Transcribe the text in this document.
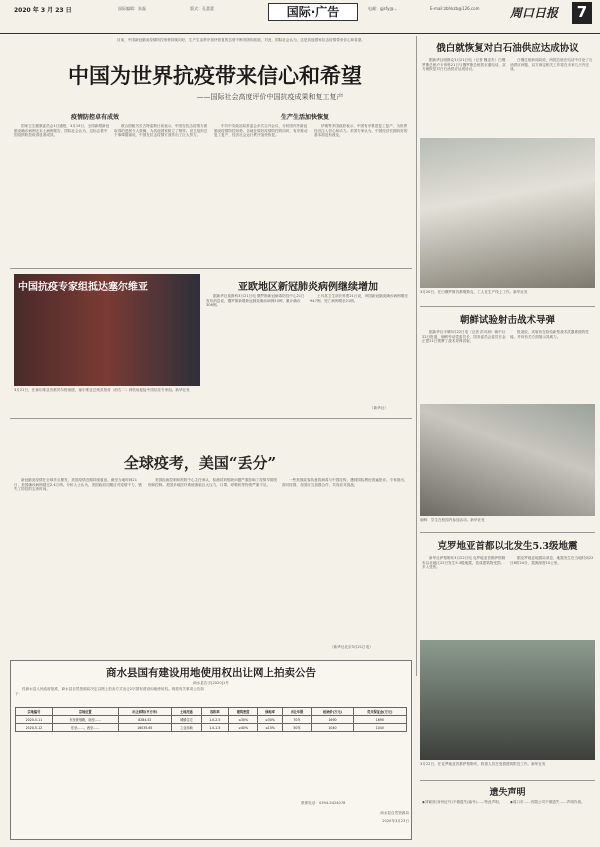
2020 年 3 月 23 日	国际编辑：朱磊	版式：孔蕾蕾	国际·广告	电邮：gjsfy@...	E-mail:zbhkzb@126.com	周口日报	7

目前，中国新冠肺炎疫情防控形势持续向好，生产生活秩序加快恢复的态势不断巩固和拓展，对此，国际社会认为，这是其他国家抗击疫情带来信心和希望。

中国为世界抗疫带来信心和希望
——国际社会高度评价中国抗疫成果和复工复产
疫情防控卓有成效	生产生活加快恢复

国家卫生健康委员会1日通报，3月19日，全国新增新冠肺炎确诊病例无本土病例报告，国际社会认为，这标志着中国疫情防控取得显著成效。

联合国秘书长古特雷斯日前表示，中国在抗击疫情方面取得的进展令人鼓舞，为其他国家树立了榜样。世卫组织总干事谭德塞说，中国在抗击疫情方面作出了巨大努力。

中共中央政治局常委会多次召开会议，分析国内外新冠肺炎疫情防控形势。各地在做好疫情防控的同时，有序推动复工复产，经济社会运行秩序加快恢复。

伊朗等多国政府表示，中国有序推进复工复产，为世界经济注入信心和动力。多国专家认为，中国经济长期向好的基本面没有改变。

俄白就恢复对白石油供应达成协议

据新华社明斯克3月21日电（记者 魏忠杰）白俄罗斯总统卢卡申科21日与俄罗斯总统普京通电话，双方就恢复对白石油供应达成协议。

白俄总统新闻局说，两国总统在电话中讨论了石油供应问题，双方商定相关工作将在未来几天内完成。

3月20日，在白俄罗斯首都明斯克，工人在生产线上工作。新华社发
中国抗疫专家组抵达塞尔维亚
3月21日，在塞尔维亚首都贝尔格莱德，塞尔维亚总统武契奇（前右二）到机场迎接中国抗疫专家组。新华社发
亚欧地区新冠肺炎病例继续增加

据新华社莫斯科3月21日电 俄罗斯新冠病毒防控中心21日发布消息说，俄罗斯新增新冠肺炎确诊病例53例，累计确诊306例。

土耳其卫生部长科贾21日说，该国新冠肺炎确诊病例增至947例，死亡病例增至21例。

（新华社）
全球疫考，美国“丢分”

新冠肺炎疫情在全球多点暴发，美国疫情近期持续蔓延。截至当地时间21日，美国确诊病例超过2.4万例。分析人士认为，美国政府初期应对疫情不力，错失了防控的宝贵时间。

美国疾病控制和预防中心主任承认，检测试剂短缺问题严重影响了疫情早期发现和控制。美国多地医疗系统面临巨大压力，口罩、呼吸机等物资严重不足。

一些美国政客执意将病毒与中国挂钩，遭到国际舆论普遍批评。专家指出，面对疫情，各国应当加强合作，共同应对挑战。

（新华社北京3月21日电）
朝鲜试验射击战术导弹

据新华社平壤3月22日电（记者 洪可润）朝中社22日报道，朝鲜劳动党委员长、国务委员会委员长金正恩21日观摩了战术导弹试射。

报道说，试射旨在检验新型战术武器系统的性能，并向有关方面展示其威力。

朝鲜：学生在校园内参加活动。新华社发
克罗地亚首都以北发生5.3级地震

新华社萨格勒布3月22日电 克罗地亚首都萨格勒布以北地区22日发生5.3级地震，造成建筑物受损、多人受伤。

据克罗地亚地震局消息，地震发生在当地时间22日6时24分，震源深度10公里。

3月22日，在克罗地亚首都萨格勒布，救援人员在受损建筑附近工作。新华社发
商水县国有建设用地使用权出让网上拍卖公告
商水县告字[2020]1号

经商水县人民政府批准，商水县自然资源局决定以网上拍卖方式出让2宗国有建设用地使用权。现将有关事项公告如下：

宗地编号	宗地位置	出让面积(平方米)	土地用途	容积率	建筑密度	绿地率	出让年限	起始价(万元)	竞买保证金(万元)
2020-5-11	东至规划路，南至……	8284.52	城镇住宅	1.0-2.5	≤30%	≥30%	70年	1690	1690
2020-5-12	东至……，西至……	16035.65	工业用地	1.0-1.5	≥40%	≤15%	50年	1040	1040
联系电话：0394-5424078
商水县自然资源局
2020年3月23日
遗失声明
◆刘颖营(身份证号)不慎遗失(编号)……特此声明。	◆周口市……有限公司不慎遗失……声明作废。
